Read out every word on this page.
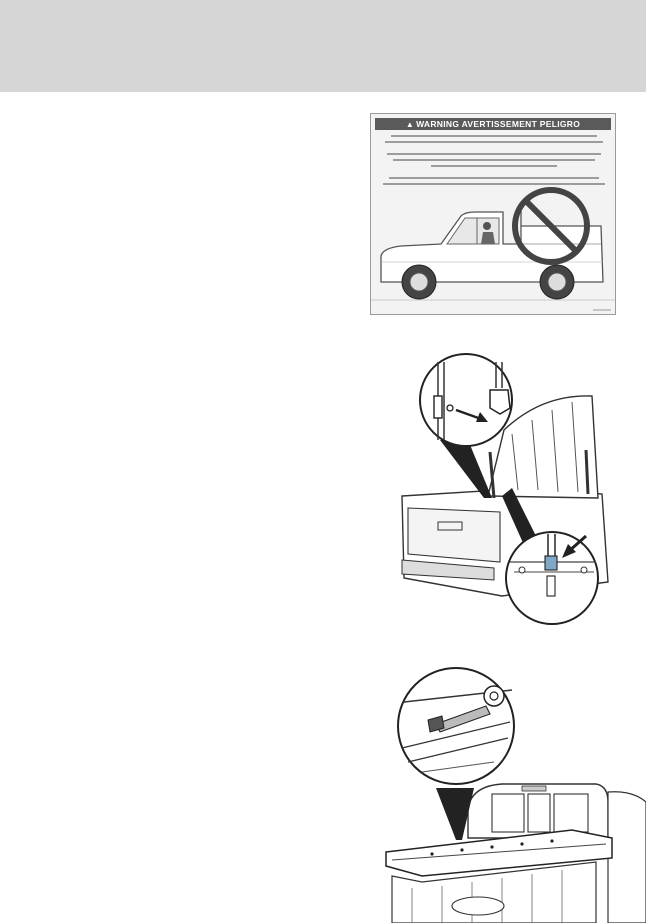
▲ WARNING AVERTISSEMENT PELIGRO
